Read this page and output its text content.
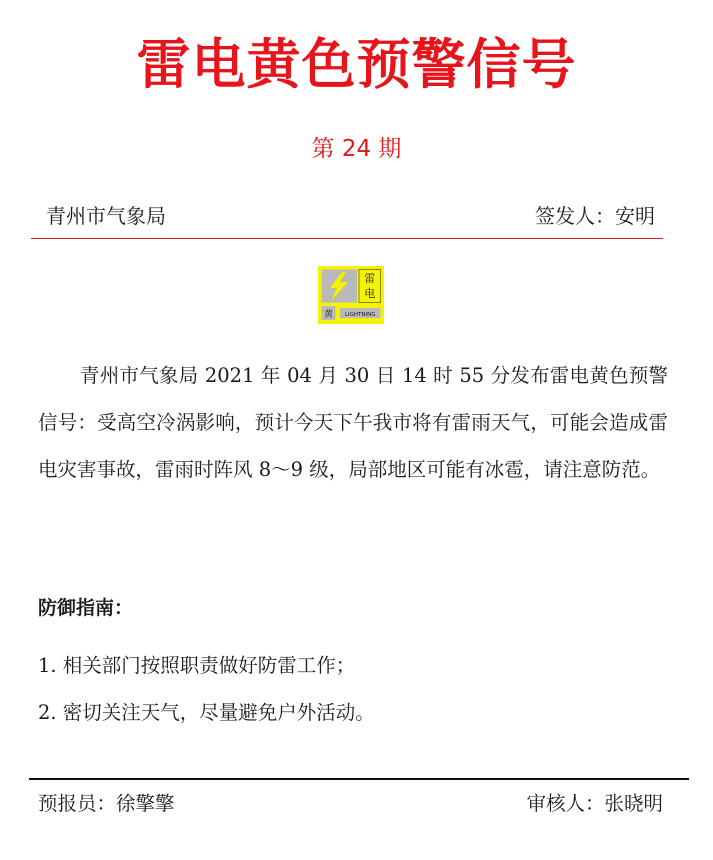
雷电黄色预警信号
第 24 期
青州市气象局	签发人：安明
雷
电
黄 LIGHTNING
青州市气象局 2021 年 04 月 30 日 14 时 55 分发布雷电黄色预警信号：受高空冷涡影响，预计今天下午我市将有雷雨天气，可能会造成雷电灾害事故，雷雨时阵风 8～9 级，局部地区可能有冰雹，请注意防范。
防御指南：
1. 相关部门按照职责做好防雷工作；
2. 密切关注天气，尽量避免户外活动。
预报员：徐擎擎	审核人：张晓明
